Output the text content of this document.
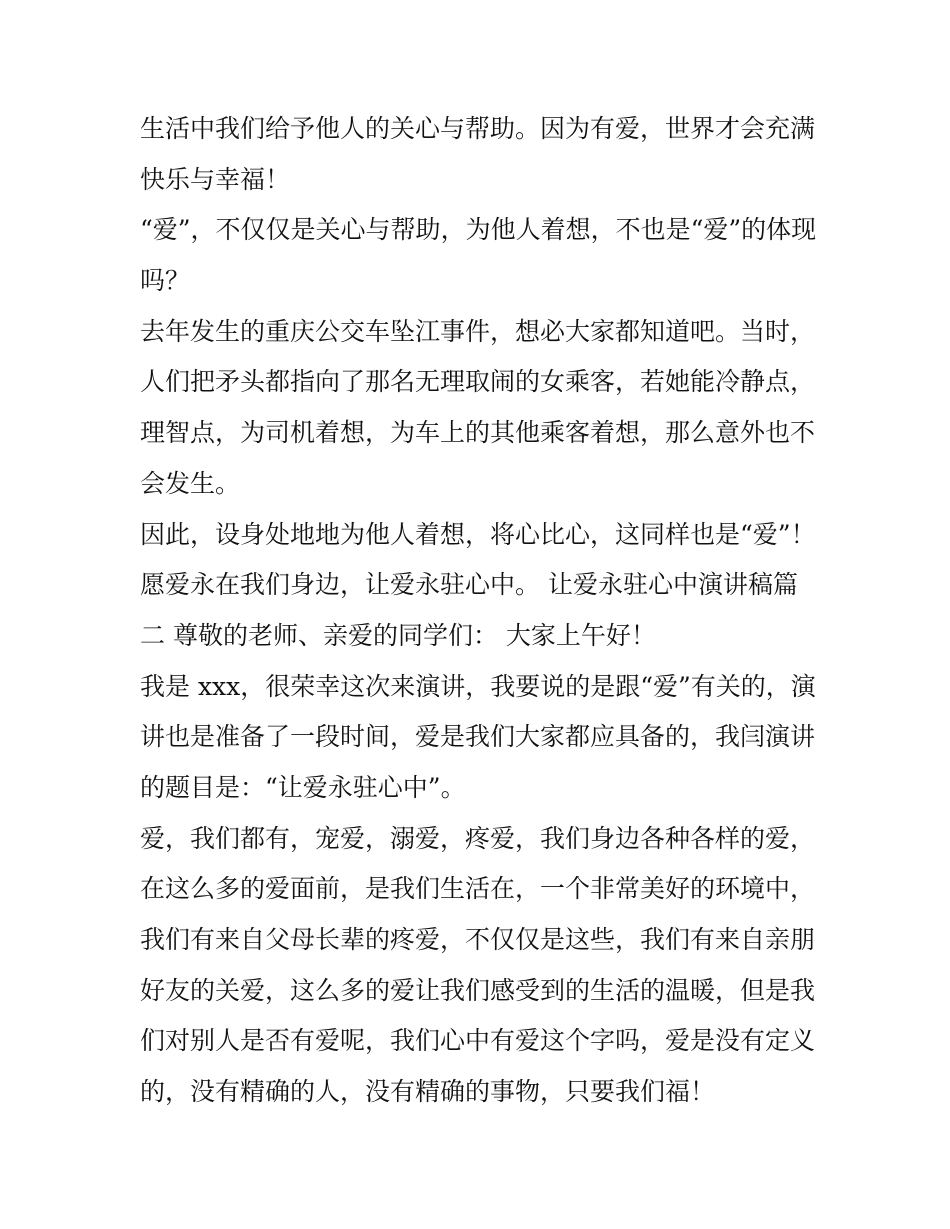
生活中我们给予他人的关心与帮助。因为有爱，世界才会充满

快乐与幸福！

“爱”，不仅仅是关心与帮助，为他人着想，不也是“爱”的体现

吗？

去年发生的重庆公交车坠江事件，想必大家都知道吧。当时，

人们把矛头都指向了那名无理取闹的女乘客，若她能冷静点，

理智点，为司机着想，为车上的其他乘客着想，那么意外也不

会发生。

因此，设身处地地为他人着想，将心比心，这同样也是“爱”！

愿爱永在我们身边，让爱永驻心中。 让爱永驻心中演讲稿篇

二 尊敬的老师、亲爱的同学们： 大家上午好！

我是 xxx，很荣幸这次来演讲，我要说的是跟“爱”有关的，演

讲也是准备了一段时间，爱是我们大家都应具备的，我闫演讲

的题目是：“让爱永驻心中”。

爱，我们都有，宠爱，溺爱，疼爱，我们身边各种各样的爱，

在这么多的爱面前，是我们生活在，一个非常美好的环境中，

我们有来自父母长辈的疼爱，不仅仅是这些，我们有来自亲朋

好友的关爱，这么多的爱让我们感受到的生活的温暖，但是我

们对别人是否有爱呢，我们心中有爱这个字吗，爱是没有定义

的，没有精确的人，没有精确的事物，只要我们福！
